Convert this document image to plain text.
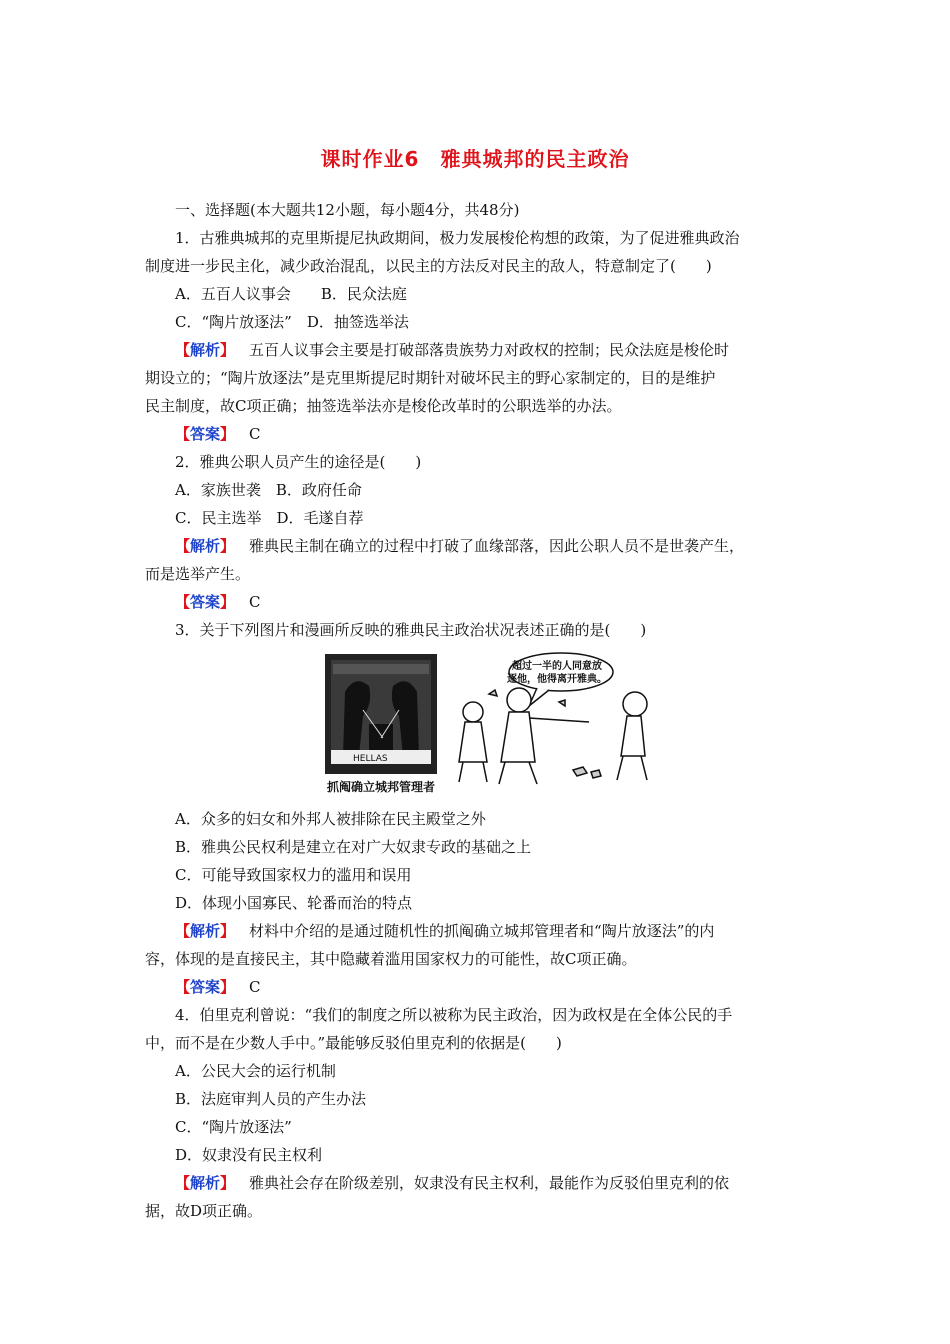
课时作业6　雅典城邦的民主政治
一、选择题(本大题共12小题，每小题4分，共48分)
1．古雅典城邦的克里斯提尼执政期间，极力发展梭伦构想的政策，为了促进雅典政治
制度进一步民主化，减少政治混乱，以民主的方法反对民主的敌人，特意制定了(　　)
A．五百人议事会　　B．民众法庭
C．“陶片放逐法”　D．抽签选举法
【解析】 五百人议事会主要是打破部落贵族势力对政权的控制；民众法庭是梭伦时
期设立的；“陶片放逐法”是克里斯提尼时期针对破坏民主的野心家制定的，目的是维护
民主制度，故C项正确；抽签选举法亦是梭伦改革时的公职选举的办法。
【答案】 C
2．雅典公职人员产生的途径是(　　)
A．家族世袭　B．政府任命
C．民主选举　D．毛遂自荐
【解析】 雅典民主制在确立的过程中打破了血缘部落，因此公职人员不是世袭产生，
而是选举产生。
【答案】 C
3．关于下列图片和漫画所反映的雅典民主政治状况表述正确的是(　　)
HELLAS
超过一半的人同意放
逐他，他得离开雅典。
抓阄确立城邦管理者
A．众多的妇女和外邦人被排除在民主殿堂之外
B．雅典公民权利是建立在对广大奴隶专政的基础之上
C．可能导致国家权力的滥用和误用
D．体现小国寡民、轮番而治的特点
【解析】 材料中介绍的是通过随机性的抓阄确立城邦管理者和“陶片放逐法”的内
容，体现的是直接民主，其中隐藏着滥用国家权力的可能性，故C项正确。
【答案】 C
4．伯里克利曾说：“我们的制度之所以被称为民主政治，因为政权是在全体公民的手
中，而不是在少数人手中。”最能够反驳伯里克利的依据是(　　)
A．公民大会的运行机制
B．法庭审判人员的产生办法
C．“陶片放逐法”
D．奴隶没有民主权利
【解析】 雅典社会存在阶级差别，奴隶没有民主权利，最能作为反驳伯里克利的依
据，故D项正确。
